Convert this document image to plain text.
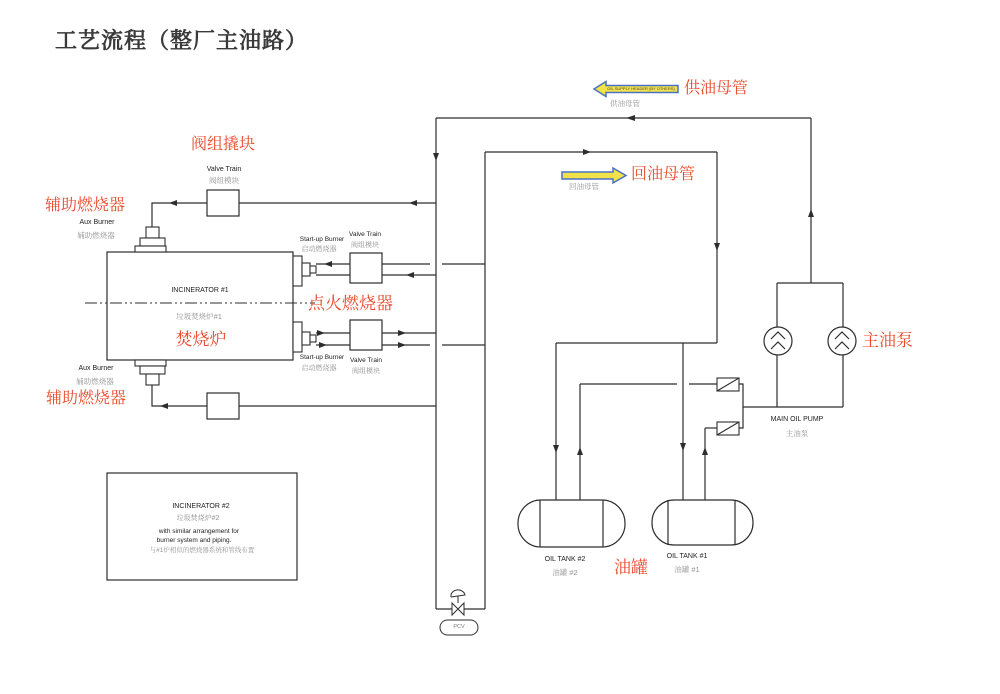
工艺流程（整厂主油路）
OIL SUPPLY HEADER (BY OTHERS) 供油母管
供油母管
回油母管
回油母管
阀组撬块
Valve Train
阀组模块
辅助燃烧器
Aux Burner
辅助燃烧器
INCINERATOR #1
垃圾焚烧炉#1
焚烧炉
Start-up Burner
启动燃烧器
Valve Train
阀组模块
点火燃烧器
Start-up Burner
启动燃烧器
Valve Train
阀组模块
Aux Burner
辅助燃烧器
辅助燃烧器
INCINERATOR #2
垃圾焚烧炉#2
with similar arrangement for
burner system and piping.
与#1炉相似的燃烧器系统和管线布置
主油泵
MAIN OIL PUMP
主油泵
OIL TANK #2
油罐 #2
OIL TANK #1
油罐 #1
油罐
PCV
